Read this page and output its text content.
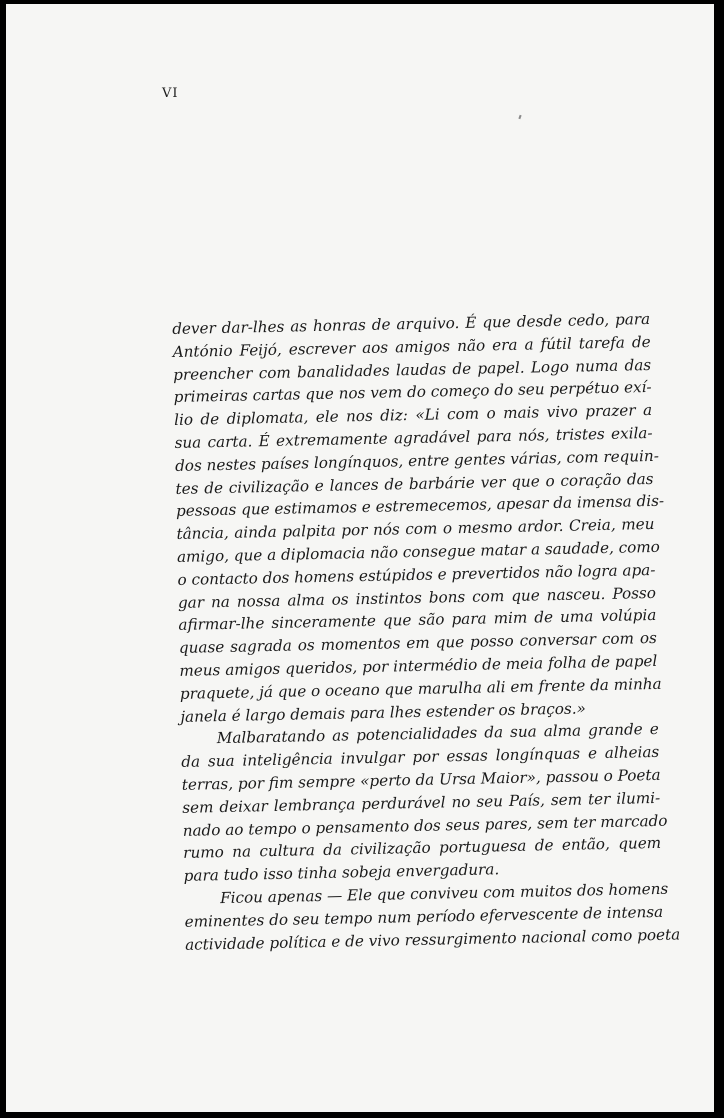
VI
dever dar-lhes as honras de arquivo. É que desde cedo, para
António Feijó, escrever aos amigos não era a fútil tarefa de
preencher com banalidades laudas de papel. Logo numa das
primeiras cartas que nos vem do começo do seu perpétuo exí-
lio de diplomata, ele nos diz: «Li com o mais vivo prazer a
sua carta. É extremamente agradável para nós, tristes exila-
dos nestes países longínquos, entre gentes várias, com requin-
tes de civilização e lances de barbárie ver que o coração das
pessoas que estimamos e estremecemos, apesar da imensa dis-
tância, ainda palpita por nós com o mesmo ardor. Creia, meu
amigo, que a diplomacia não consegue matar a saudade, como
o contacto dos homens estúpidos e prevertidos não logra apa-
gar na nossa alma os instintos bons com que nasceu. Posso
afirmar-lhe sinceramente que são para mim de uma volúpia
quase sagrada os momentos em que posso conversar com os
meus amigos queridos, por intermédio de meia folha de papel
praquete, já que o oceano que marulha ali em frente da minha
janela é largo demais para lhes estender os braços.»
Malbaratando as potencialidades da sua alma grande e
da sua inteligência invulgar por essas longínquas e alheias
terras, por fim sempre «perto da Ursa Maior», passou o Poeta
sem deixar lembrança perdurável no seu País, sem ter ilumi-
nado ao tempo o pensamento dos seus pares, sem ter marcado
rumo na cultura da civilização portuguesa de então, quem
para tudo isso tinha sobeja envergadura.
Ficou apenas — Ele que conviveu com muitos dos homens
eminentes do seu tempo num período efervescente de intensa
actividade política e de vivo ressurgimento nacional como poeta
